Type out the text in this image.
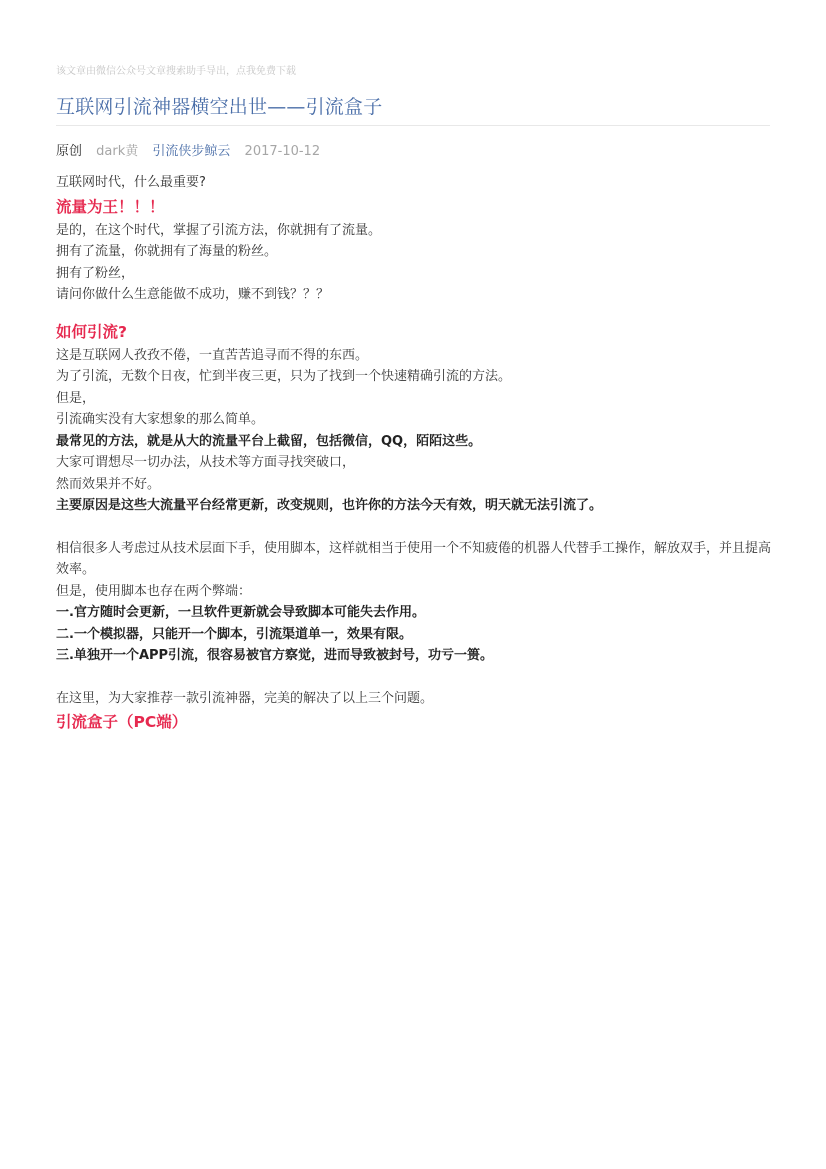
该文章由微信公众号文章搜索助手导出，点我免费下载
互联网引流神器横空出世——引流盒子
原创 dark黄 引流侠步鲸云 2017-10-12

互联网时代，什么最重要?

流量为王！！！

是的，在这个时代，掌握了引流方法，你就拥有了流量。

拥有了流量，你就拥有了海量的粉丝。

拥有了粉丝，

请问你做什么生意能做不成功，赚不到钱？？？

如何引流?

这是互联网人孜孜不倦，一直苦苦追寻而不得的东西。

为了引流，无数个日夜，忙到半夜三更，只为了找到一个快速精确引流的方法。

但是，

引流确实没有大家想象的那么简单。

最常见的方法，就是从大的流量平台上截留，包括微信，QQ，陌陌这些。

大家可谓想尽一切办法，从技术等方面寻找突破口，

然而效果并不好。

主要原因是这些大流量平台经常更新，改变规则，也许你的方法今天有效，明天就无法引流了。

相信很多人考虑过从技术层面下手，使用脚本，这样就相当于使用一个不知疲倦的机器人代替手工操作，解放双手，并且提高效率。

但是，使用脚本也存在两个弊端：

一.官方随时会更新，一旦软件更新就会导致脚本可能失去作用。

二.一个模拟器，只能开一个脚本，引流渠道单一，效果有限。

三.单独开一个APP引流，很容易被官方察觉，进而导致被封号，功亏一篑。

在这里，为大家推荐一款引流神器，完美的解决了以上三个问题。

引流盒子（PC端）
